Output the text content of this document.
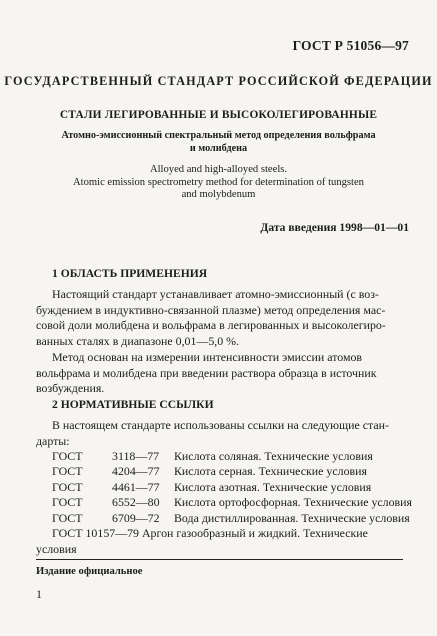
ГОСТ Р 51056—97
ГОСУДАРСТВЕННЫЙ СТАНДАРТ РОССИЙСКОЙ ФЕДЕРАЦИИ
СТАЛИ ЛЕГИРОВАННЫЕ И ВЫСОКОЛЕГИРОВАННЫЕ
Атомно-эмиссионный спектральный метод определения вольфрама
и молибдена
Alloyed and high-alloyed steels.
Atomic emission spectrometry method for determination of tungsten
and molybdenum
Дата введения 1998—01—01
1 ОБЛАСТЬ ПРИМЕНЕНИЯ
Настоящий стандарт устанавливает атомно-эмиссионный (с воз-
буждением в индуктивно-связанной плазме) метод определения мас-
совой доли молибдена и вольфрама в легированных и высоколегиро-
ванных сталях в диапазоне 0,01—5,0 %.
Метод основан на измерении интенсивности эмиссии атомов
вольфрама и молибдена при введении раствора образца в источник
возбуждения.
2 НОРМАТИВНЫЕ ССЫЛКИ
В настоящем стандарте использованы ссылки на следующие стан-
дарты:
ГОСТ 3118—77 Кислота соляная. Технические условия
ГОСТ 4204—77 Кислота серная. Технические условия
ГОСТ 4461—77 Кислота азотная. Технические условия
ГОСТ 6552—80 Кислота ортофосфорная. Технические условия
ГОСТ 6709—72 Вода дистиллированная. Технические условия
ГОСТ 10157—79 Аргон газообразный и жидкий. Технические
условия
Издание официальное
1
